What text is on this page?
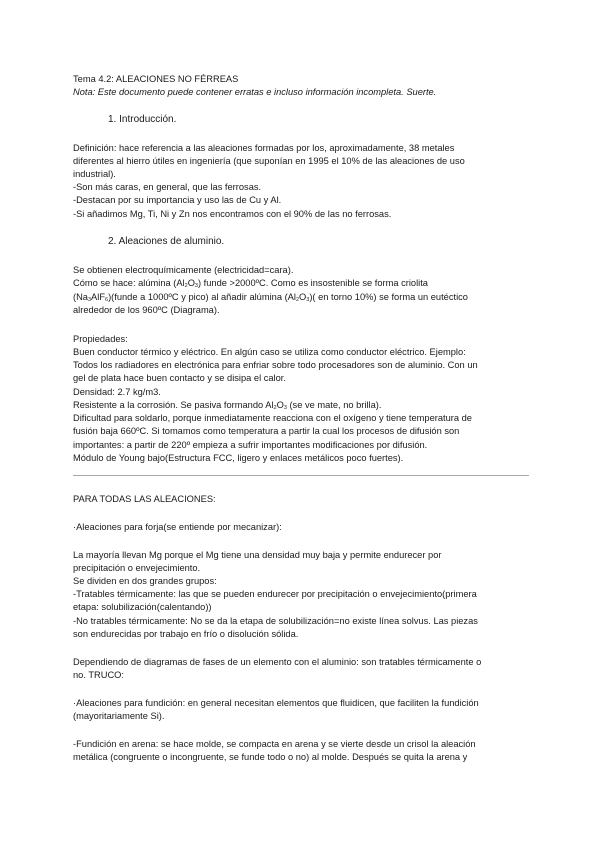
Tema 4.2: ALEACIONES NO FÉRREAS
Nota: Este documento puede contener erratas e incluso información incompleta. Suerte.
1. Introducción.
Definición: hace referencia a las aleaciones formadas por los, aproximadamente, 38 metales
diferentes al hierro útiles en ingeniería (que suponían en 1995 el 10% de las aleaciones de uso
industrial).
-Son más caras, en general, que las ferrosas.
-Destacan por su importancia y uso las de Cu y Al.
-Si añadimos Mg, Ti, Ni y Zn nos encontramos con el 90% de las no ferrosas.
2. Aleaciones de aluminio.
Se obtienen electroquímicamente (electricidad=cara).
Cómo se hace: alúmina $(Al_2O_3)$ funde >2000ºC. Como es insostenible se forma criolita
$(Na_3AlF_6)(funde$ a 1000ºC y pico) al añadir alúmina $(Al_2O_3)$( en torno 10%) se forma un eutéctico
alrededor de los 960ºC (Diagrama).
Propiedades:
Buen conductor térmico y eléctrico. En algún caso se utiliza como conductor eléctrico. Ejemplo:
Todos los radiadores en electrónica para enfriar sobre todo procesadores son de aluminio. Con un
gel de plata hace buen contacto y se disipa el calor.
Densidad: 2.7 kg/m3.
Resistente a la corrosión. Se pasiva formando $Al_2O_3$ (se ve mate, no brilla).
Dificultad para soldarlo, porque inmediatamente reacciona con el oxígeno y tiene temperatura de
fusión baja 660ºC. Si tomamos como temperatura a partir la cual los procesos de difusión son
importantes: a partir de 220º empieza a sufrir importantes modificaciones por difusión.
Módulo de Young bajo(Estructura FCC, ligero y enlaces metálicos poco fuertes).
PARA TODAS LAS ALEACIONES:
·Aleaciones para forja(se entiende por mecanizar):
La mayoría llevan Mg porque el Mg tiene una densidad muy baja y permite endurecer por
precipitación o envejecimiento.
Se dividen en dos grandes grupos:
-Tratables térmicamente: las que se pueden endurecer por precipitación o envejecimiento(primera
etapa: solubilización(calentando))
-No tratables térmicamente: No se da la etapa de solubilización=no existe línea solvus. Las piezas
son endurecidas por trabajo en frío o disolución sólida.
Dependiendo de diagramas de fases de un elemento con el aluminio: son tratables térmicamente o
no. TRUCO:
·Aleaciones para fundición: en general necesitan elementos que fluidicen, que faciliten la fundición
(mayoritariamente Si).
-Fundición en arena: se hace molde, se compacta en arena y se vierte desde un crisol la aleación
metálica (congruente o incongruente, se funde todo o no) al molde. Después se quita la arena y
